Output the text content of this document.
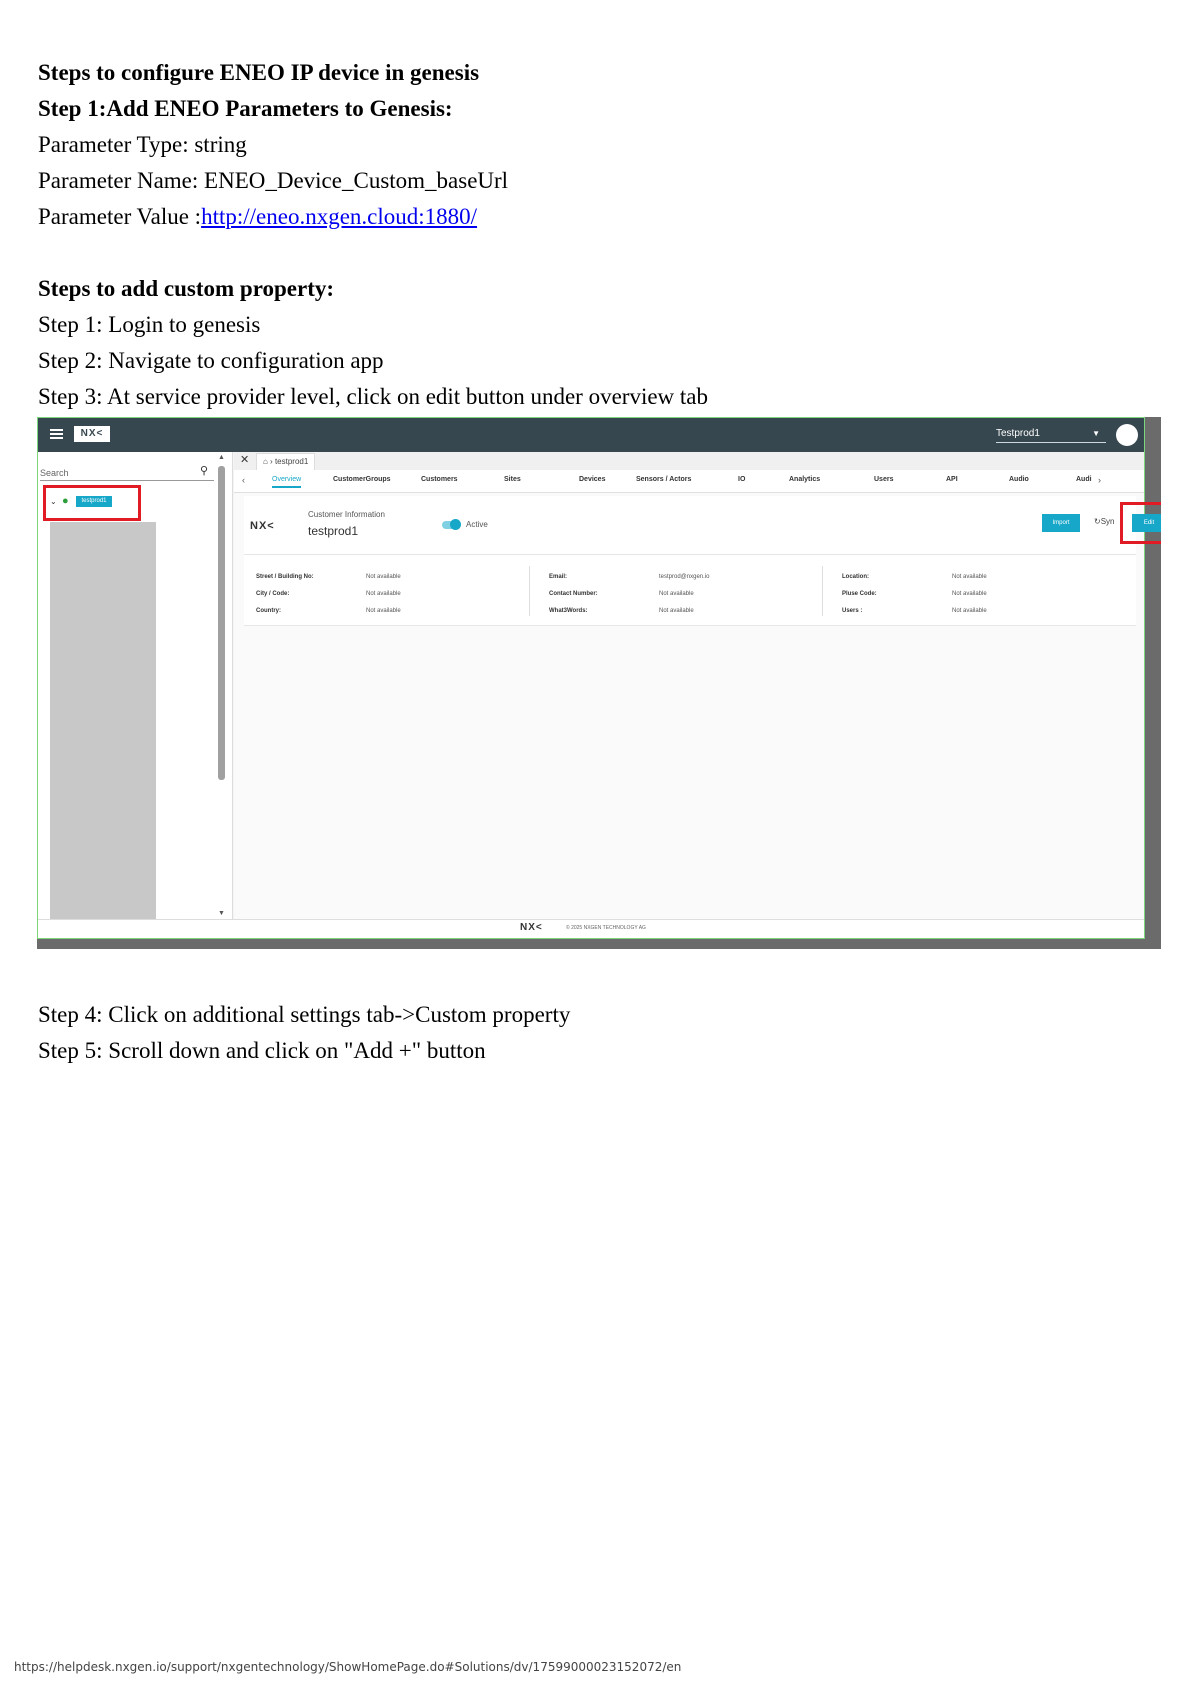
Steps to configure ENEO IP device in genesis
Step 1:Add ENEO Parameters to Genesis:
Parameter Type: string
Parameter Name: ENEO_Device_Custom_baseUrl
Parameter Value :http://eneo.nxgen.cloud:1880/
Steps to add custom property:
Step 1: Login to genesis
Step 2: Navigate to configuration app
Step 3: At service provider level, click on edit button under overview tab
NX<	Testprod1	▼
Search	⚲
▲
▼
⌄ ●	testprod1
✕	⌂ › testprod1
‹	Overview	CustomerGroups	Customers	Sites	Devices	Sensors / Actors	IO	Analytics	Users	API	Audio	Audi ›
NX<
Customer Information
testprod1	Active	Import	↻Syn	Edit
Street / Building No:	Not available
City / Code:	Not available
Country:	Not available
Email:	testprod@nxgen.io
Contact Number:	Not available
What3Words:	Not available
Location:	Not available
Pluse Code:	Not available
Users :	Not available
NX<	© 2025 NXGEN TECHNOLOGY AG
Step 4: Click on additional settings tab->Custom property
Step 5: Scroll down and click on "Add +" button
https://helpdesk.nxgen.io/support/nxgentechnology/ShowHomePage.do#Solutions/dv/17599000023152072/en
